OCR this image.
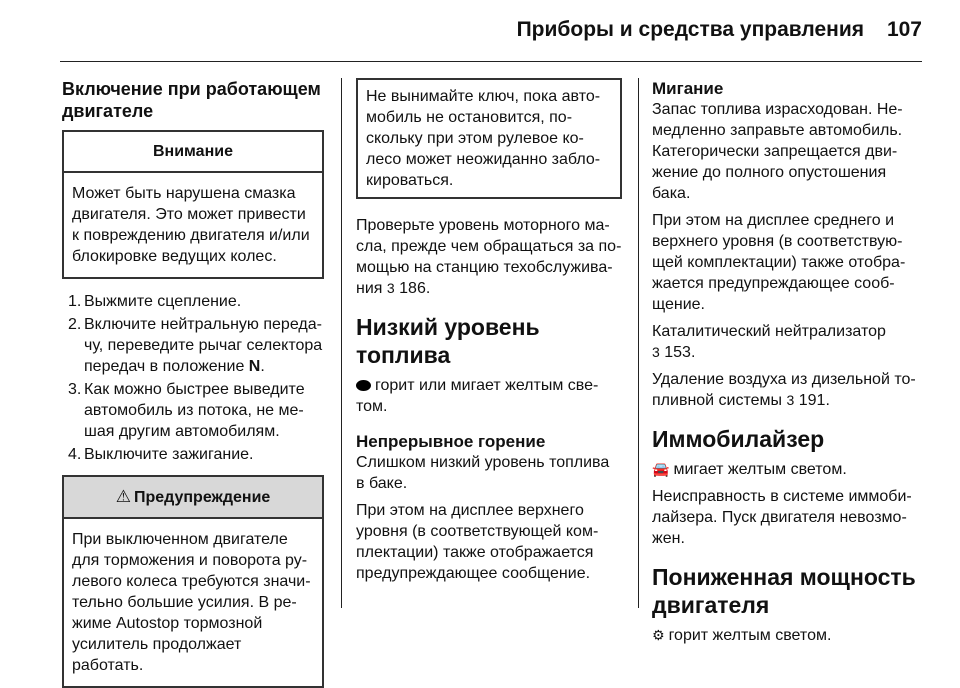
Приборы и средства управления 107
Включение при работающем двигателе
Внимание
Может быть нарушена смазка двигателя. Это может привести к повреждению двигателя и/или блокировке ведущих колес.
1. Выжмите сцепление.
2. Включите нейтральную передачу, переведите рычаг селектора передач в положение N.
3. Как можно быстрее выведите автомобиль из потока, не мешая другим автомобилям.
4. Выключите зажигание.
⚠ Предупреждение
При выключенном двигателе для торможения и поворота рулевого колеса требуются значительно большие усилия. В режиме Autostop тормозной усилитель продолжает работать.
Не вынимайте ключ, пока автомобиль не остановится, поскольку при этом рулевое колесо может неожиданно заблокироваться.

Проверьте уровень моторного масла, прежде чем обращаться за помощью на станцию техобслуживания 3 186.

Низкий уровень топлива

горит или мигает желтым светом.

Непрерывное горение

Слишком низкий уровень топлива в баке.

При этом на дисплее верхнего уровня (в соответствующей комплектации) также отображается предупреждающее сообщение.

Мигание

Запас топлива израсходован. Немедленно заправьте автомобиль. Категорически запрещается движение до полного опустошения бака.

При этом на дисплее среднего и верхнего уровня (в соответствующей комплектации) также отображается предупреждающее сообщение.

Каталитический нейтрализатор
3 153.

Удаление воздуха из дизельной топливной системы 3 191.

Иммобилайзер

🚘 мигает желтым светом.

Неисправность в системе иммобилайзера. Пуск двигателя невозможен.

Пониженная мощность двигателя

⚙ горит желтым светом.
